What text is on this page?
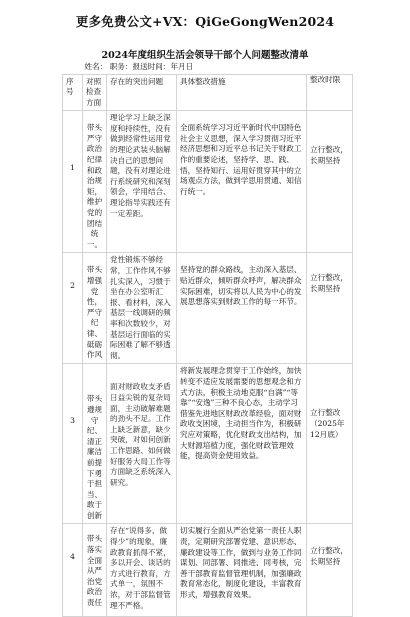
更多免费公文+VX：QiGeGongWen2024
2024年度组织生活会领导干部个人问题整改清单
姓名： 职务：报送时间：年月日				
序号	对照检查方面	存在的突出问题	具体整改措施	整改时限
1	带头严守政治纪律和政治规矩，维护党的团结统一。	理论学习上缺乏深度和持续性，没有做到经常性运用党的理论武装头脑解决自己的思想问题，没有对理论进行系统研究和深刻领会，学用结合、理论指导实践还有一定差距。	全面系统学习习近平新时代中国特色社会主义思想，深入学习贯彻习近平经济思想和习近平总书记关于财政工作的重要论述，坚持学、思、践、悟，坚持知行、运用好贯穿其中的立场观点方法，做到学思用贯通、知信行统一。	立行整改，长期坚持
2	带头增强党性，严守纪律、砥砺作风	党性锻炼不够经常，工作作风不够扎实深入，习惯于坐在办公室听汇报、看材料，深入基层一线调研的频率和次数较少，对基层运行面临的实际困难了解不够透彻。	坚持党的群众路线，主动深入基层、贴近群众，倾听群众呼声，解决群众实际困难，切实将以人民为中心的发展思想落实到财政工作的每一环节。	立行整改，长期坚持
3	带头遵规守纪、清正廉洁前提下勇于担当、敢于创新	面对财政收支矛盾日益尖锐的复杂局面，主动破解难题的劲头不足。工作上缺乏新意，缺少突破，对如何创新工作思路、如何做好服务大局工作等方面缺乏系统深入研究。	将新发展理念贯穿于工作始终，加快转变不适应发展需要的思想观念和方式方法，积极主动地克服“自满”“等靠”“安逸”三种不良心态，主动学习借鉴先进地区财政改革经验，面对财政收支困境，主动担当作为，积极研究应对策略，优化财政支出结构，加大财源培植力度，强化财政管理效能，提高资金使用效益。	立行整改（2025年12月底）
4	带头落实全面从严治党政治责任	存在“说得多、做得少”的现象，廉政教育抓得不紧，多以开会、谈话的方式进行教育，方式单一，氛围不浓，对干部监督管理不严格。	切实履行全面从严治党第一责任人职责，定期研究部署党建、意识形态、廉政建设等工作，做到与业务工作同谋划、同部署、同推进、同考核，完善干部教育监督管理机制，加强廉政教育常态化，制度化建设，丰富教育形式，增强教育效果。	立行整改，长期坚持
